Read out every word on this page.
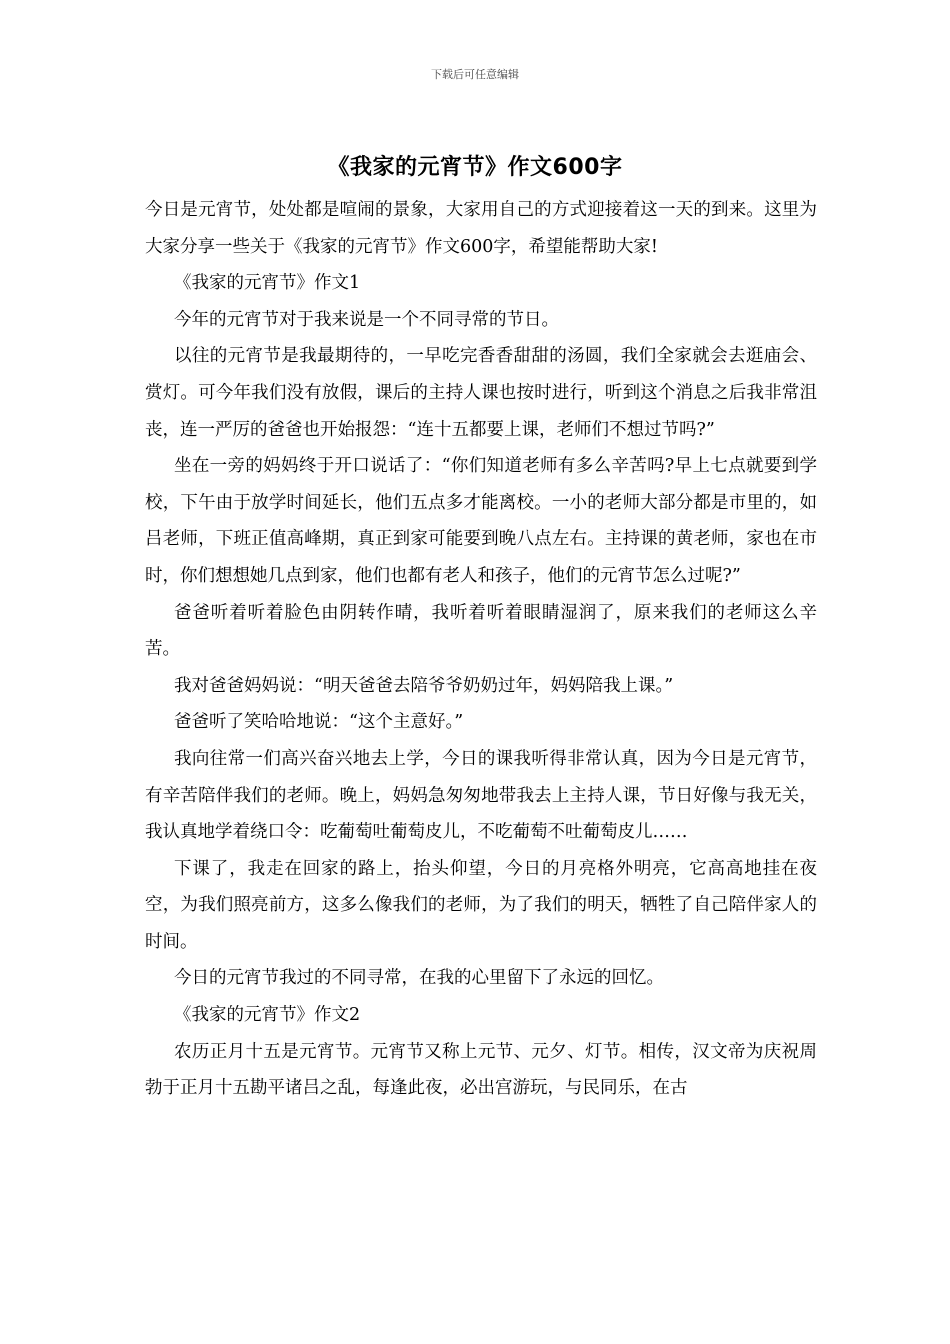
下载后可任意编辑
《我家的元宵节》作文600字

今日是元宵节，处处都是喧闹的景象，大家用自己的方式迎接着这一天的到来。这里为大家分享一些关于《我家的元宵节》作文600字，希望能帮助大家!

《我家的元宵节》作文1

今年的元宵节对于我来说是一个不同寻常的节日。

以往的元宵节是我最期待的，一早吃完香香甜甜的汤圆，我们全家就会去逛庙会、赏灯。可今年我们没有放假，课后的主持人课也按时进行，听到这个消息之后我非常沮丧，连一严厉的爸爸也开始报怨：“连十五都要上课，老师们不想过节吗?”

坐在一旁的妈妈终于开口说话了：“你们知道老师有多么辛苦吗?早上七点就要到学校，下午由于放学时间延长，他们五点多才能离校。一小的老师大部分都是市里的，如吕老师，下班正值高峰期，真正到家可能要到晚八点左右。主持课的黄老师，家也在市时，你们想想她几点到家，他们也都有老人和孩子，他们的元宵节怎么过呢?”

爸爸听着听着脸色由阴转作晴，我听着听着眼睛湿润了，原来我们的老师这么辛苦。

我对爸爸妈妈说：“明天爸爸去陪爷爷奶奶过年，妈妈陪我上课。”

爸爸听了笑哈哈地说：“这个主意好。”

我向往常一们高兴奋兴地去上学，今日的课我听得非常认真，因为今日是元宵节，有辛苦陪伴我们的老师。晚上，妈妈急匆匆地带我去上主持人课，节日好像与我无关，我认真地学着绕口令：吃葡萄吐葡萄皮儿，不吃葡萄不吐葡萄皮儿……

下课了，我走在回家的路上，抬头仰望，今日的月亮格外明亮，它高高地挂在夜空，为我们照亮前方，这多么像我们的老师，为了我们的明天，牺牲了自己陪伴家人的时间。

今日的元宵节我过的不同寻常，在我的心里留下了永远的回忆。

《我家的元宵节》作文2

农历正月十五是元宵节。元宵节又称上元节、元夕、灯节。相传，汉文帝为庆祝周勃于正月十五勘平诸吕之乱，每逢此夜，必出宫游玩，与民同乐，在古
